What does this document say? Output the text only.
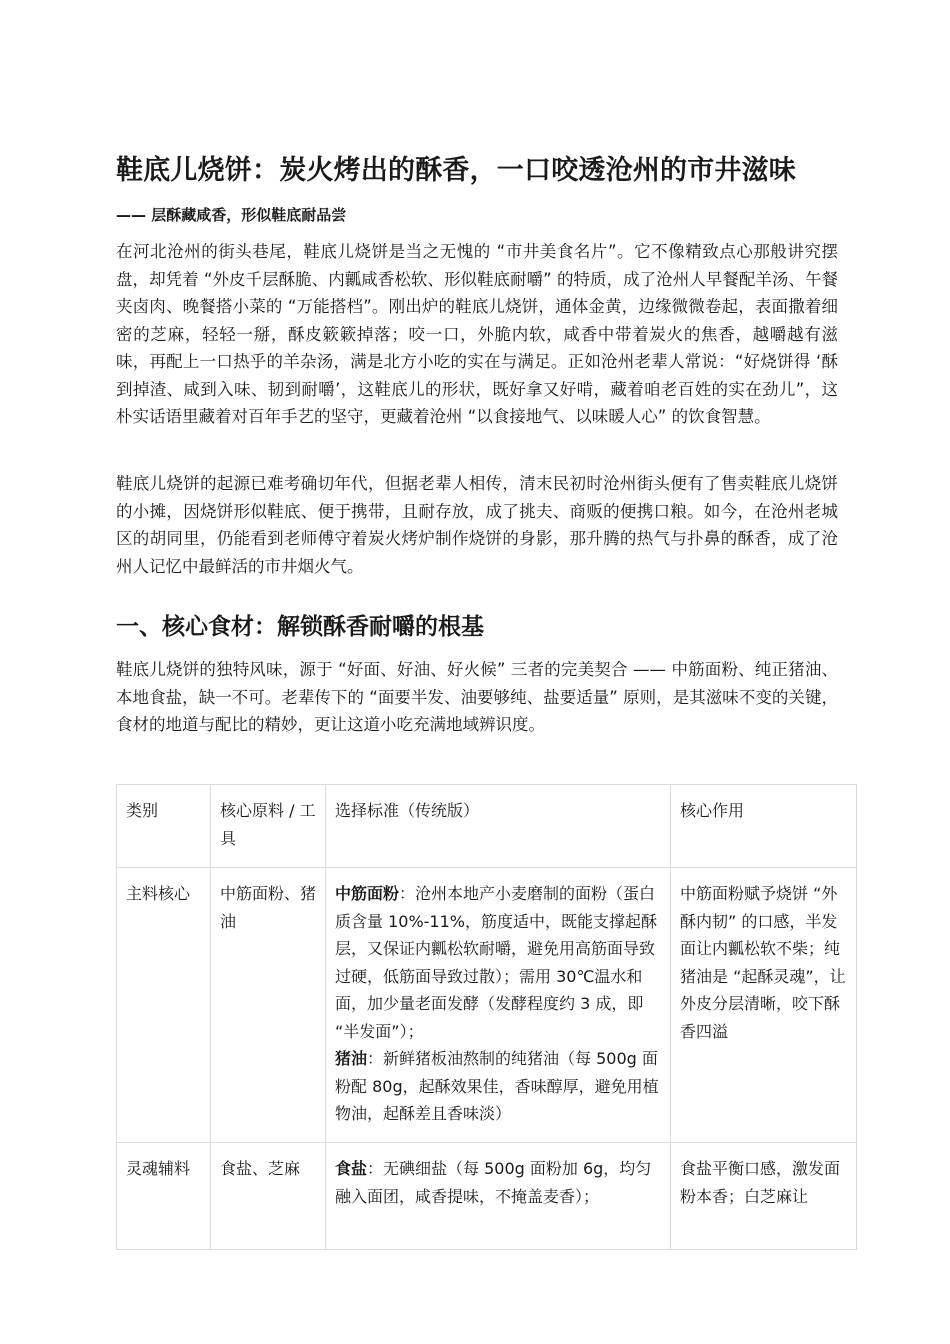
鞋底儿烧饼：炭火烤出的酥香，一口咬透沧州的市井滋味

—— 层酥藏咸香，形似鞋底耐品尝

在河北沧州的街头巷尾，鞋底儿烧饼是当之无愧的 “市井美食名片”。它不像精致点心那般讲究摆盘，却凭着 “外皮千层酥脆、内瓤咸香松软、形似鞋底耐嚼” 的特质，成了沧州人早餐配羊汤、午餐夹卤肉、晚餐搭小菜的 “万能搭档”。刚出炉的鞋底儿烧饼，通体金黄，边缘微微卷起，表面撒着细密的芝麻，轻轻一掰，酥皮簌簌掉落；咬一口，外脆内软，咸香中带着炭火的焦香，越嚼越有滋味，再配上一口热乎的羊杂汤，满是北方小吃的实在与满足。正如沧州老辈人常说：“好烧饼得 ‘酥到掉渣、咸到入味、韧到耐嚼’，这鞋底儿的形状，既好拿又好啃，藏着咱老百姓的实在劲儿”，这朴实话语里藏着对百年手艺的坚守，更藏着沧州 “以食接地气、以味暖人心” 的饮食智慧。

鞋底儿烧饼的起源已难考确切年代，但据老辈人相传，清末民初时沧州街头便有了售卖鞋底儿烧饼的小摊，因烧饼形似鞋底、便于携带，且耐存放，成了挑夫、商贩的便携口粮。如今，在沧州老城区的胡同里，仍能看到老师傅守着炭火烤炉制作烧饼的身影，那升腾的热气与扑鼻的酥香，成了沧州人记忆中最鲜活的市井烟火气。

一、核心食材：解锁酥香耐嚼的根基

鞋底儿烧饼的独特风味，源于 “好面、好油、好火候” 三者的完美契合 —— 中筋面粉、纯正猪油、本地食盐，缺一不可。老辈传下的 “面要半发、油要够纯、盐要适量” 原则，是其滋味不变的关键，食材的地道与配比的精妙，更让这道小吃充满地域辨识度。

类别	核心原料 / 工具	选择标准（传统版）	核心作用
主料核心	中筋面粉、猪油	中筋面粉：沧州本地产小麦磨制的面粉（蛋白质含量 10%-11%，筋度适中，既能支撑起酥层，又保证内瓤松软耐嚼，避免用高筋面导致过硬，低筋面导致过散）；需用 30℃温水和面，加少量老面发酵（发酵程度约 3 成，即 “半发面”）；
猪油：新鲜猪板油熬制的纯猪油（每 500g 面粉配 80g，起酥效果佳，香味醇厚，避免用植物油，起酥差且香味淡）	中筋面粉赋予烧饼 “外酥内韧” 的口感，半发面让内瓤松软不柴；纯猪油是 “起酥灵魂”，让外皮分层清晰，咬下酥香四溢
灵魂辅料	食盐、芝麻	食盐：无碘细盐（每 500g 面粉加 6g，均匀融入面团，咸香提味，不掩盖麦香）；	食盐平衡口感，激发面粉本香；白芝麻让
